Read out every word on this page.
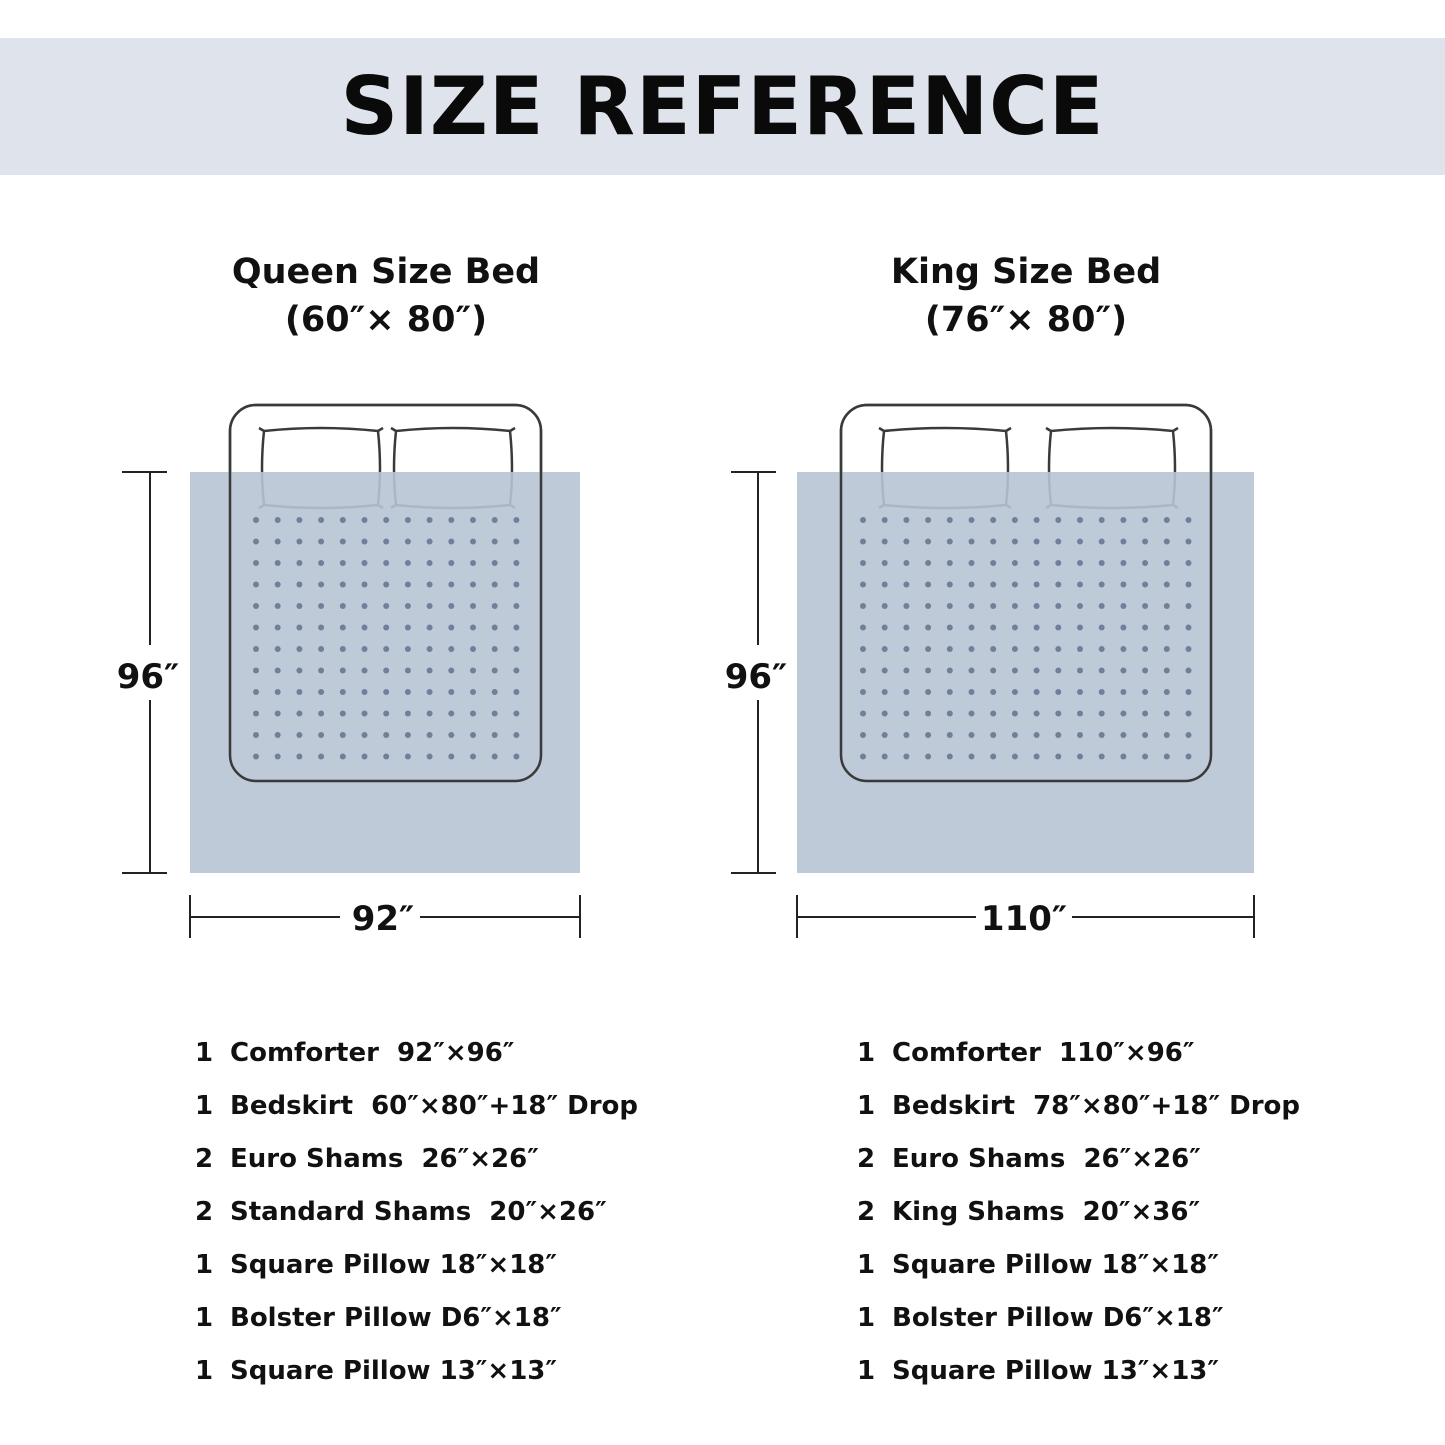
SIZE REFERENCE
Queen Size Bed
(60″× 80″)
King Size Bed
(76″× 80″)
96″
92″
96″
110″
1 Comforter  92″×96″
1 Bedskirt  60″×80″+18″ Drop
2 Euro Shams  26″×26″
2 Standard Shams  20″×26″
1 Square Pillow 18″×18″
1 Bolster Pillow D6″×18″
1 Square Pillow 13″×13″
1 Comforter  110″×96″
1 Bedskirt  78″×80″+18″ Drop
2 Euro Shams  26″×26″
2 King Shams  20″×36″
1 Square Pillow 18″×18″
1 Bolster Pillow D6″×18″
1 Square Pillow 13″×13″
